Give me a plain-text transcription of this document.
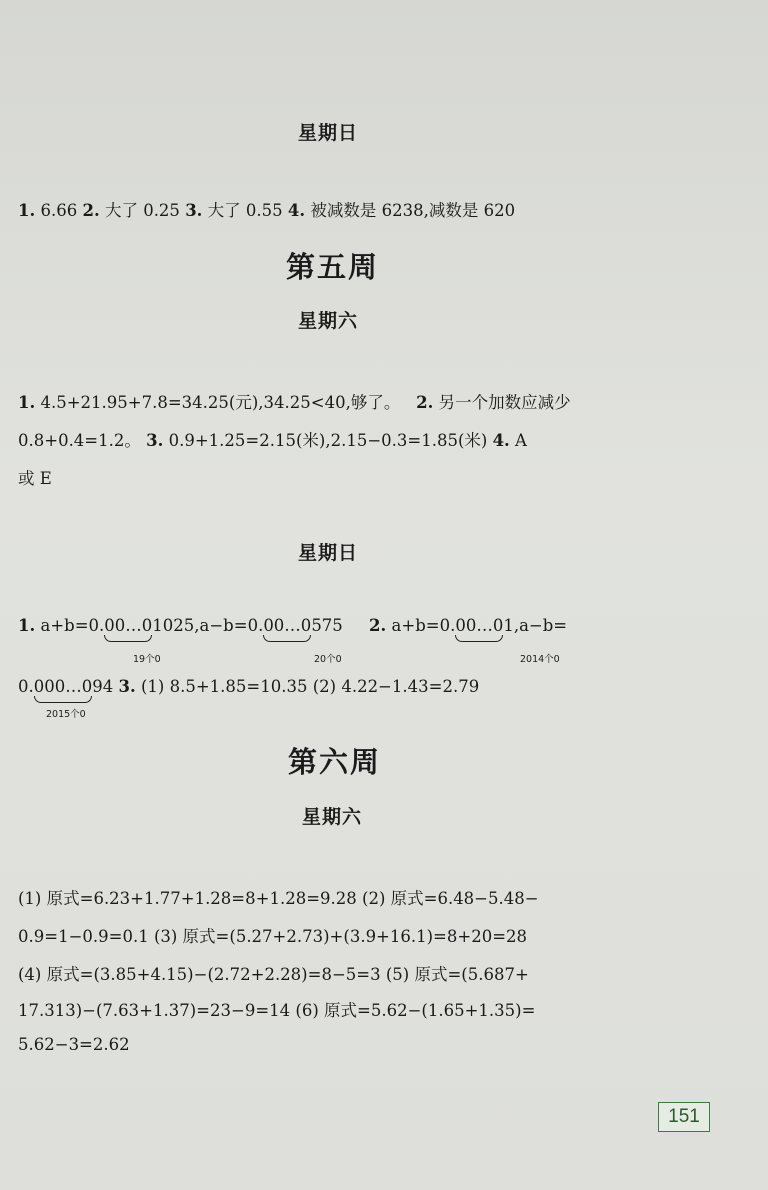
星期日
1. 6.66 2. 大了 0.25 3. 大了 0.55 4. 被减数是 6238,减数是 620
第五周
星期六
1. 4.5+21.95+7.8=34.25(元),34.25<40,够了。 2. 另一个加数应减少
0.8+0.4=1.2。 3. 0.9+1.25=2.15(米),2.15−0.3=1.85(米) 4. A
或 E
星期日
1. a+b=0.00…01025,a−b=0.00…0575 2. a+b=0.00…01,a−b=
19个0	20个0	2014个0
0.000…094 3. (1) 8.5+1.85=10.35 (2) 4.22−1.43=2.79
2015个0
第六周
星期六
(1) 原式=6.23+1.77+1.28=8+1.28=9.28 (2) 原式=6.48−5.48−
0.9=1−0.9=0.1 (3) 原式=(5.27+2.73)+(3.9+16.1)=8+20=28
(4) 原式=(3.85+4.15)−(2.72+2.28)=8−5=3 (5) 原式=(5.687+
17.313)−(7.63+1.37)=23−9=14 (6) 原式=5.62−(1.65+1.35)=
5.62−3=2.62
151
